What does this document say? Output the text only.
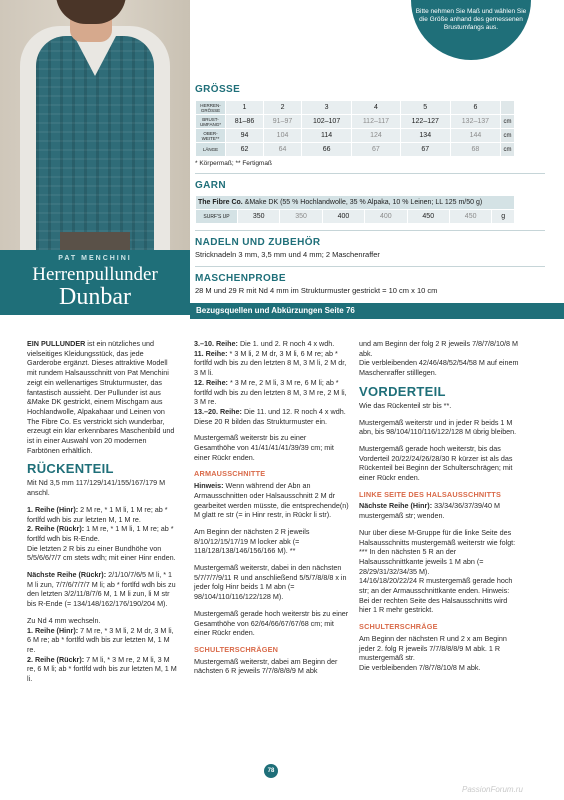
PAT MENCHINI
Herrenpullunder
Dunbar
Bitte nehmen Sie Maß und wählen Sie die Größe anhand des gemessenen Brustumfangs aus.
GRÖSSE
HERREN-GRÖSSE	1	2	3	4	5	6	
BRUST-UMFANG*	81–86	91–97	102–107	112–117	122–127	132–137	cm
OBER-WEITE**	94	104	114	124	134	144	cm
LÄNGE	62	64	66	67	67	68	cm
* Körpermaß; ** Fertigmaß
GARN
The Fibre Co. &Make DK (55 % Hochlandwolle, 35 % Alpaka, 10 % Leinen; LL 125 m/50 g)
SURF'S UP	350	350	400	400	450	450	g
NADELN UND ZUBEHÖR
Stricknadeln 3 mm, 3,5 mm und 4 mm; 2 Maschenraffer
MASCHENPROBE
28 M und 29 R mit Nd 4 mm im Strukturmuster gestrickt = 10 cm x 10 cm
Bezugsquellen und Abkürzungen Seite 76

EIN PULLUNDER ist ein nützliches und vielseitiges Kleidungsstück, das jede Garderobe ergänzt. Dieses attraktive Modell mit rundem Halsausschnitt von Pat Menchini zeigt ein wellenartiges Strukturmuster, das fantastisch aussieht. Der Pullunder ist aus &Make DK gestrickt, einem Mischgarn aus Hochlandwolle, Alpakahaar und Leinen von The Fibre Co. Es verstrickt sich wunderbar, erzeugt ein klar erkennbares Maschenbild und ist in einer Auswahl von 20 modernen Farbtönen erhältlich.

RÜCKENTEIL

Mit Nd 3,5 mm 117/129/141/155/167/179 M anschl.

1. Reihe (Hinr): 2 M re, * 1 M li, 1 M re; ab * fortlfd wdh bis zur letzten M, 1 M re.
2. Reihe (Rückr): 1 M re, * 1 M li, 1 M re; ab * fortlfd wdh bis R-Ende.
Die letzten 2 R bis zu einer Bundhöhe von 5/5/6/6/7/7 cm stets wdh; mit einer Hinr enden.

Nächste Reihe (Rückr): 2/1/10/7/6/5 M li, * 1 M li zun, 7/7/6/7/7/7 M li; ab * fortlfd wdh bis zu den letzten 3/2/11/8/7/6 M, 1 M li zun, li M str bis R-Ende (= 134/148/162/176/190/204 M).

Zu Nd 4 mm wechseln.
1. Reihe (Hinr): 7 M re, * 3 M li, 2 M dr, 3 M li, 6 M re; ab * fortlfd wdh bis zur letzten M, 1 M re.
2. Reihe (Rückr): 7 M li, * 3 M re, 2 M li, 3 M re, 6 M li; ab * fortlfd wdh bis zur letzten M, 1 M li.

3.–10. Reihe: Die 1. und 2. R noch 4 x wdh.
11. Reihe: * 3 M li, 2 M dr, 3 M li, 6 M re; ab * fortlfd wdh bis zu den letzten 8 M, 3 M li, 2 M dr, 3 M li.
12. Reihe: * 3 M re, 2 M li, 3 M re, 6 M li; ab * fortlfd wdh bis zu den letzten 8 M, 3 M re, 2 M li, 3 M re.
13.–20. Reihe: Die 11. und 12. R noch 4 x wdh. Diese 20 R bilden das Strukturmuster ein.

Mustergemäß weiterstr bis zu einer Gesamthöhe von 41/41/41/41/39/39 cm; mit einer Rückr enden.

ARMAUSSCHNITTE

Hinweis: Wenn während der Abn an Armausschnitten oder Halsausschnitt 2 M dr gearbeitet werden müsste, die entsprechende(n) M glatt re str (= in Hinr restr, in Rückr li str).

Am Beginn der nächsten 2 R jeweils 8/10/12/15/17/19 M locker abk (= 118/128/138/146/156/166 M). **

Mustergemäß weiterstr, dabei in den nächsten 5/7/7/7/9/11 R und anschließend 5/5/7/8/8/8 x in jeder folg Hinr beids 1 M abn (= 98/104/110/116/122/128 M).

Mustergemäß gerade hoch weiterstr bis zu einer Gesamthöhe von 62/64/66/67/67/68 cm; mit einer Rückr enden.

SCHULTERSCHRÄGEN

Mustergemäß weiterstr, dabei am Beginn der nächsten 6 R jeweils 7/7/8/8/8/9 M abk

und am Beginn der folg 2 R jeweils 7/8/7/8/10/8 M abk.
Die verbleibenden 42/46/48/52/54/58 M auf einem Maschenraffer stilllegen.

VORDERTEIL

Wie das Rückenteil str bis **.

Mustergemäß weiterstr und in jeder R beids 1 M abn, bis 98/104/110/116/122/128 M übrig bleiben.

Mustergemäß gerade hoch weiterstr, bis das Vorderteil 20/22/24/26/28/30 R kürzer ist als das Rückenteil bei Beginn der Schulterschrägen; mit einer Rückr enden.

LINKE SEITE DES HALSAUSSCHNITTS

Nächste Reihe (Hinr): 33/34/36/37/39/40 M mustergemäß str; wenden.

Nur über diese M-Gruppe für die linke Seite des Halsausschnitts mustergemäß weiterstr wie folgt:
*** In den nächsten 5 R an der Halsausschnittkante jeweils 1 M abn (= 28/29/31/32/34/35 M).
14/16/18/20/22/24 R mustergemäß gerade hoch str; an der Armausschnittkante enden. Hinweis: Bei der rechten Seite des Halsausschnitts wird hier 1 R mehr gestrickt.

SCHULTERSCHRÄGE

Am Beginn der nächsten R und 2 x am Beginn jeder 2. folg R jeweils 7/7/8/8/8/9 M abk. 1 R mustergemäß str.
Die verbleibenden 7/8/7/8/10/8 M abk.

78
PassionForum.ru
